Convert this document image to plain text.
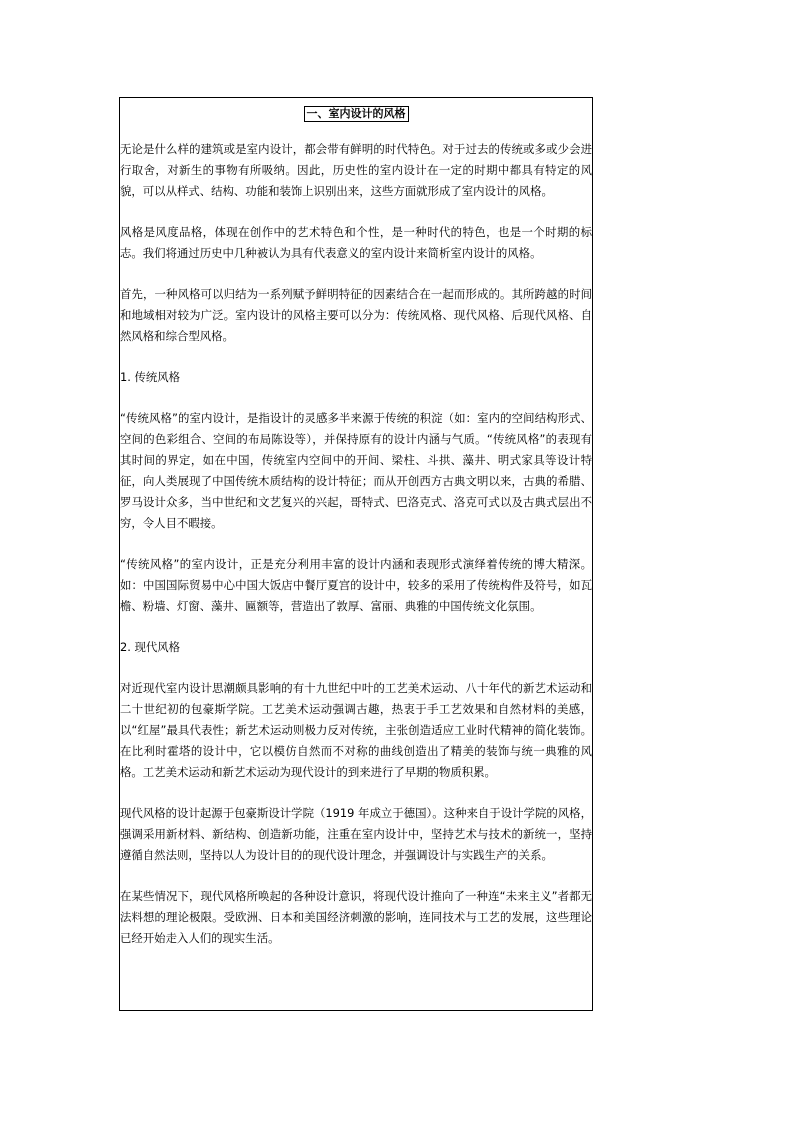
一、室内设计的风格

无论是什么样的建筑或是室内设计，都会带有鲜明的时代特色。对于过去的传统或多或少会进行取舍，对新生的事物有所吸纳。因此，历史性的室内设计在一定的时期中都具有特定的风貌，可以从样式、结构、功能和装饰上识别出来，这些方面就形成了室内设计的风格。

风格是风度品格，体现在创作中的艺术特色和个性，是一种时代的特色，也是一个时期的标志。我们将通过历史中几种被认为具有代表意义的室内设计来简析室内设计的风格。

首先，一种风格可以归结为一系列赋予鲜明特征的因素结合在一起而形成的。其所跨越的时间和地域相对较为广泛。室内设计的风格主要可以分为：传统风格、现代风格、后现代风格、自然风格和综合型风格。

1. 传统风格

“传统风格”的室内设计，是指设计的灵感多半来源于传统的积淀（如：室内的空间结构形式、空间的色彩组合、空间的布局陈设等），并保持原有的设计内涵与气质。“传统风格”的表现有其时间的界定，如在中国，传统室内空间中的开间、梁柱、斗拱、藻井、明式家具等设计特征，向人类展现了中国传统木质结构的设计特征；而从开创西方古典文明以来，古典的希腊、罗马设计众多，当中世纪和文艺复兴的兴起，哥特式、巴洛克式、洛克可式以及古典式层出不穷，令人目不暇接。

“传统风格”的室内设计，正是充分利用丰富的设计内涵和表现形式演绎着传统的博大精深。如：中国国际贸易中心中国大饭店中餐厅夏宫的设计中，较多的采用了传统构件及符号，如瓦檐、粉墙、灯窗、藻井、匾额等，营造出了敦厚、富丽、典雅的中国传统文化氛围。

2. 现代风格

对近现代室内设计思潮颇具影响的有十九世纪中叶的工艺美术运动、八十年代的新艺术运动和二十世纪初的包豪斯学院。工艺美术运动强调古趣，热衷于手工艺效果和自然材料的美感，以“红屋”最具代表性；新艺术运动则极力反对传统，主张创造适应工业时代精神的简化装饰。在比利时霍塔的设计中，它以模仿自然而不对称的曲线创造出了精美的装饰与统一典雅的风格。工艺美术运动和新艺术运动为现代设计的到来进行了早期的物质积累。

现代风格的设计起源于包豪斯设计学院（1919 年成立于德国）。这种来自于设计学院的风格，强调采用新材料、新结构、创造新功能，注重在室内设计中，坚持艺术与技术的新统一，坚持遵循自然法则，坚持以人为设计目的的现代设计理念，并强调设计与实践生产的关系。

在某些情况下，现代风格所唤起的各种设计意识，将现代设计推向了一种连“未来主义”者都无法料想的理论极限。受欧洲、日本和美国经济刺激的影响，连同技术与工艺的发展，这些理论已经开始走入人们的现实生活。
